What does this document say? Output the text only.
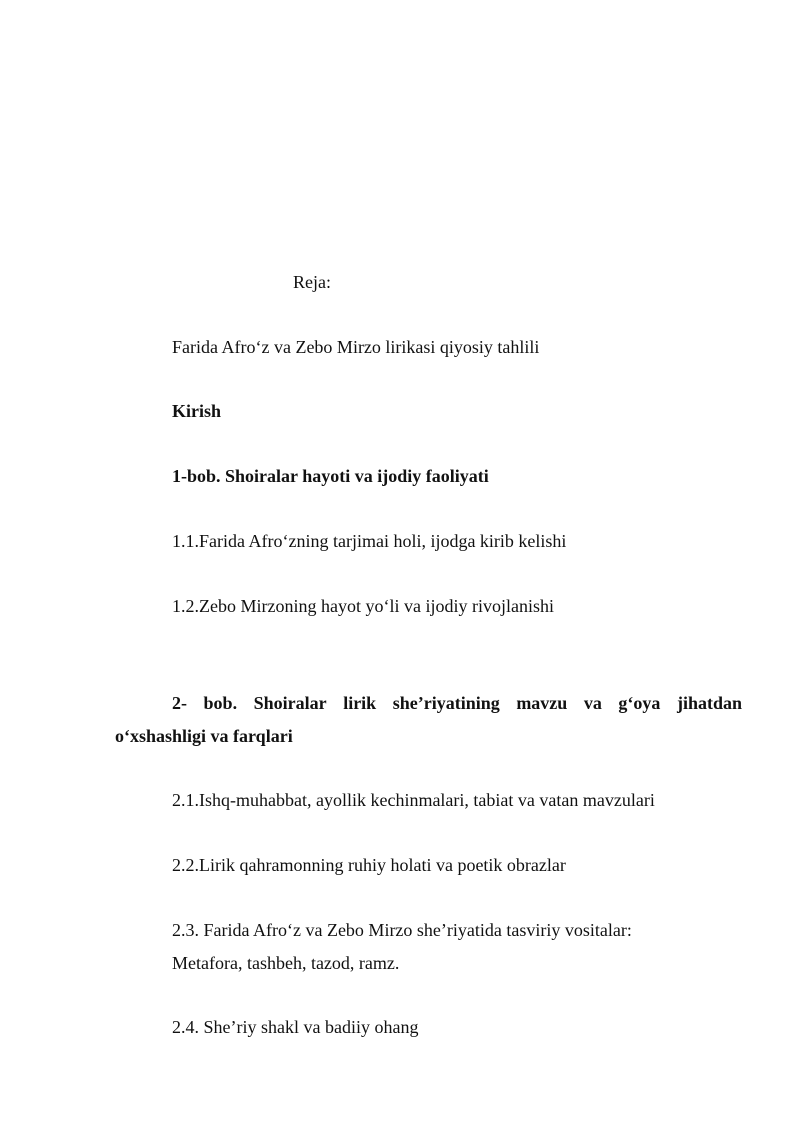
Reja:
Farida Afro‘z va Zebo Mirzo lirikasi qiyosiy tahlili
Kirish
1-bob. Shoiralar hayoti va ijodiy faoliyati
1.1.Farida Afro‘zning tarjimai holi, ijodga kirib kelishi
1.2.Zebo Mirzoning hayot yo‘li va ijodiy rivojlanishi
2- bob. Shoiralar lirik she’riyatining mavzu va g‘oya jihatdan
o‘xshashligi va farqlari
2.1.Ishq-muhabbat, ayollik kechinmalari, tabiat va vatan mavzulari
2.2.Lirik qahramonning ruhiy holati va poetik obrazlar
2.3. Farida Afro‘z va Zebo Mirzo she’riyatida tasviriy vositalar:
Metafora, tashbeh, tazod, ramz.
2.4. She’riy shakl va badiiy ohang
